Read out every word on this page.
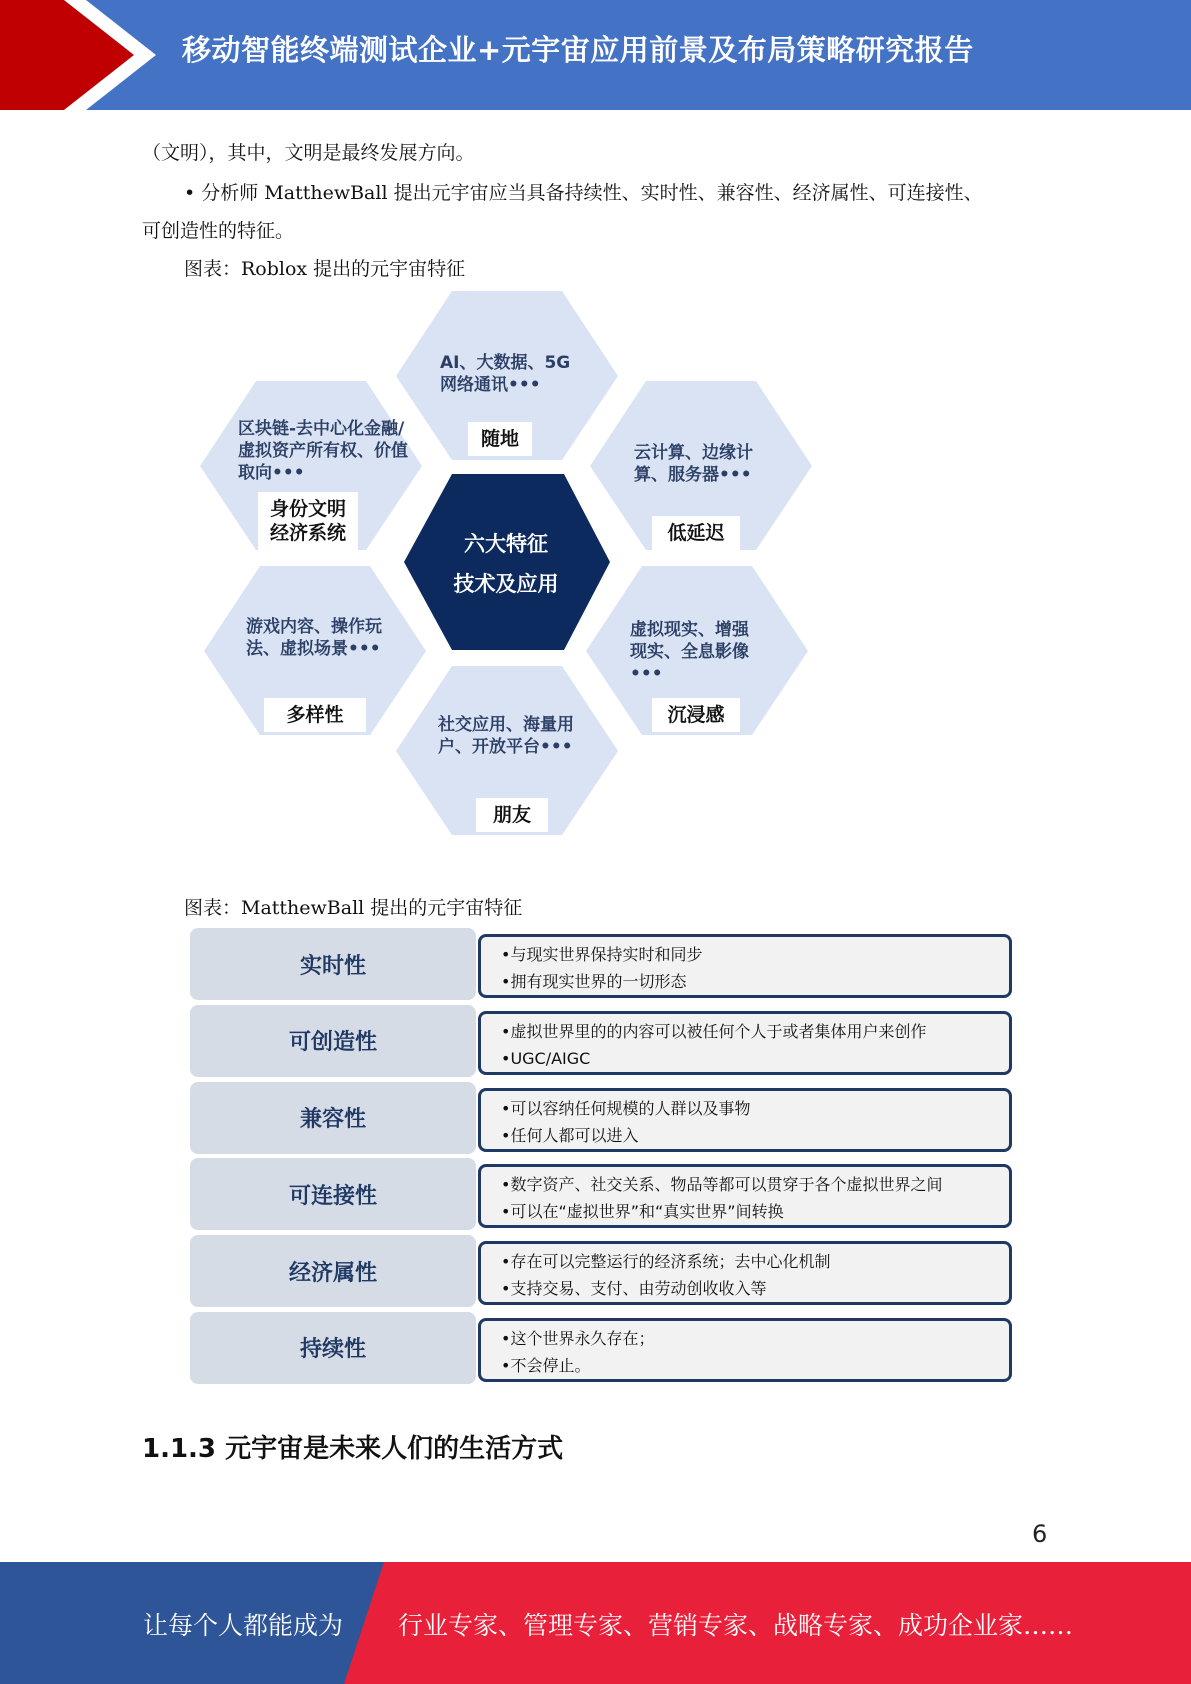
移动智能终端测试企业+元宇宙应用前景及布局策略研究报告
（文明），其中，文明是最终发展方向。
• 分析师 MatthewBall 提出元宇宙应当具备持续性、实时性、兼容性、经济属性、可连接性、
可创造性的特征。
图表：Roblox 提出的元宇宙特征
AI、大数据、5G网络通讯•••
随地
区块链-去中心化金融/虚拟资产所有权、价值取向•••
身份文明
经济系统
云计算、边缘计算、服务器•••
低延迟
六大特征
技术及应用
游戏内容、操作玩法、虚拟场景•••
多样性
虚拟现实、增强现实、全息影像•••
沉浸感
社交应用、海量用户、开放平台•••
朋友
图表：MatthewBall 提出的元宇宙特征
实时性	•与现实世界保持实时和同步
•拥有现实世界的一切形态
可创造性	•虚拟世界里的的内容可以被任何个人于或者集体用户来创作
•UGC/AIGC
兼容性	•可以容纳任何规模的人群以及事物
•任何人都可以进入
可连接性	•数字资产、社交关系、物品等都可以贯穿于各个虚拟世界之间
•可以在“虚拟世界”和“真实世界”间转换
经济属性	•存在可以完整运行的经济系统；去中心化机制
•支持交易、支付、由劳动创收收入等
持续性	•这个世界永久存在；
•不会停止。
1.1.3 元宇宙是未来人们的生活方式
6
让每个人都能成为 行业专家、管理专家、营销专家、战略专家、成功企业家……
